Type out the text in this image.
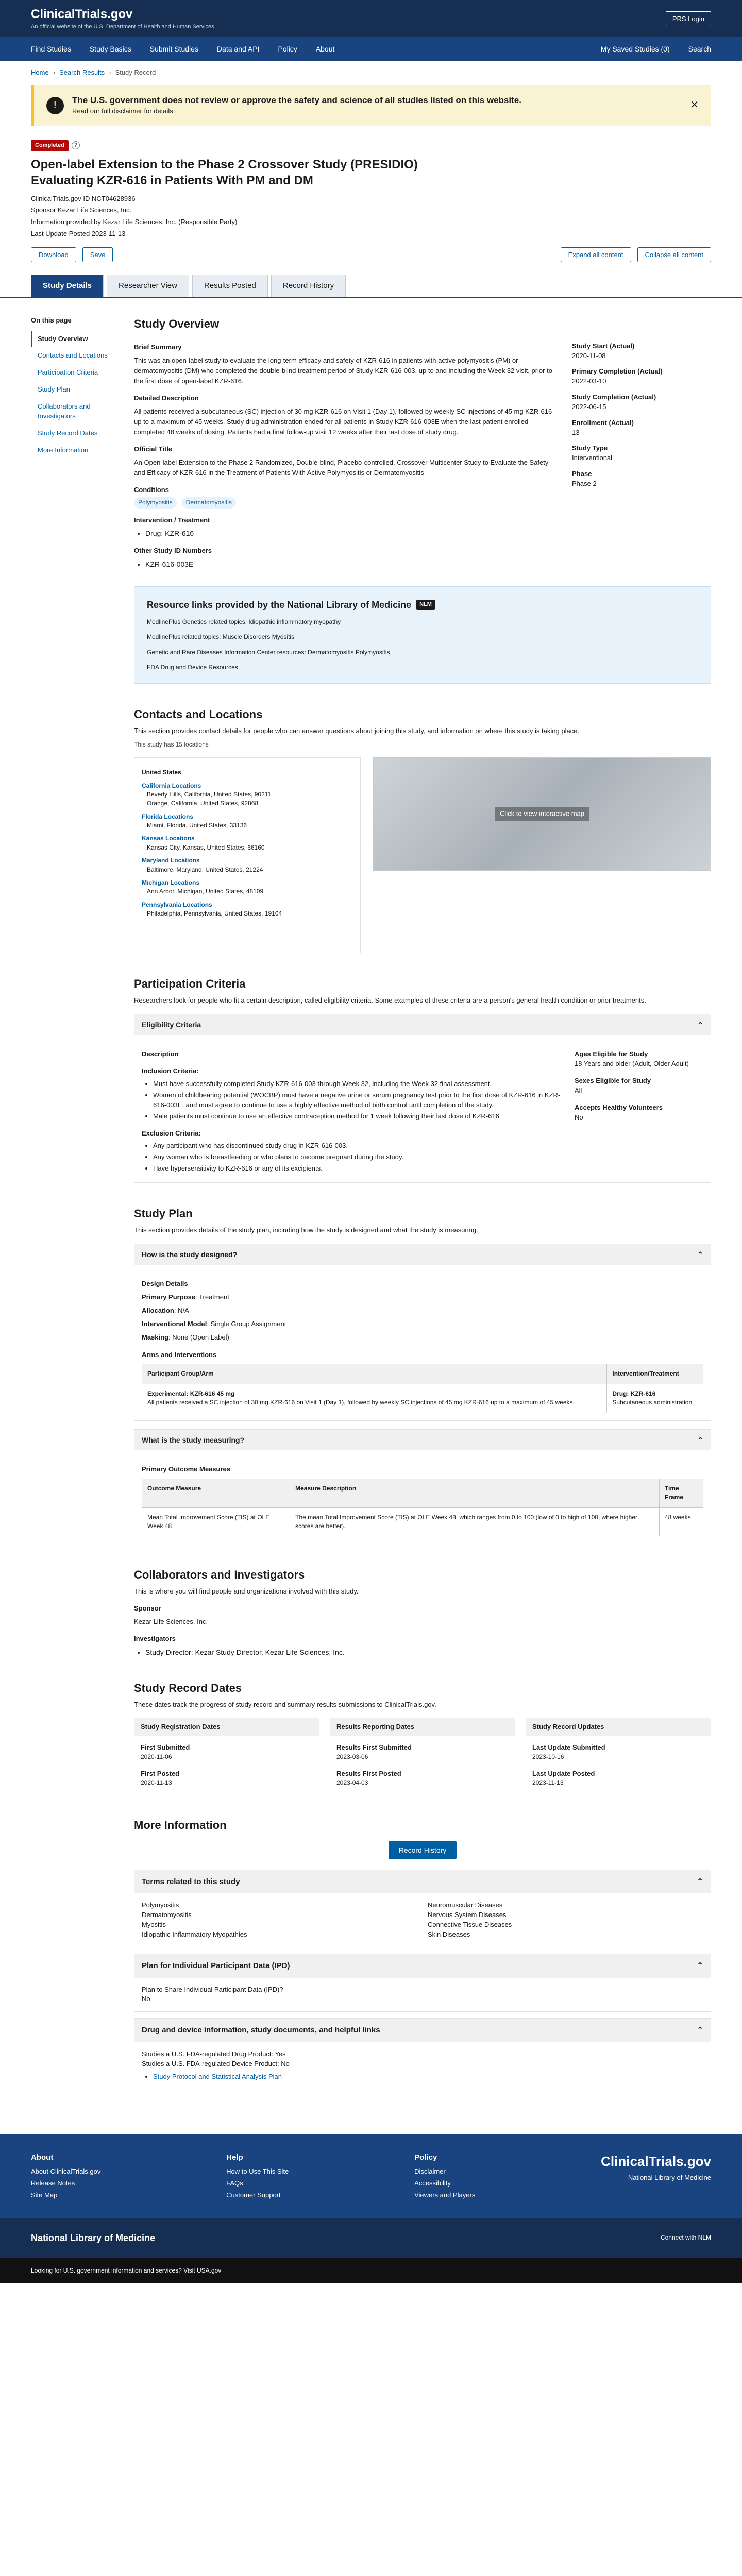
ClinicalTrials.gov
An official website of the U.S. Department of Health and Human Services
PRS Login
Find Studies	Study Basics	Submit Studies	Data and API	Policy	About	My Saved Studies (0)	Search
Home › Search Results › Study Record
!	The U.S. government does not review or approve the safety and science of all studies listed on this website.
Read our full disclaimer for details.
✕
Completed ?
Open-label Extension to the Phase 2 Crossover Study (PRESIDIO) Evaluating KZR-616 in Patients With PM and DM
ClinicalTrials.gov ID NCT04628936
Sponsor Kezar Life Sciences, Inc.
Information provided by Kezar Life Sciences, Inc. (Responsible Party)
Last Update Posted 2023-11-13
Download	Save	Expand all content	Collapse all content
Study Details	Researcher View	Results Posted	Record History
On this page
Study Overview
Contacts and Locations
Participation Criteria
Study Plan
Collaborators and Investigators
Study Record Dates
More Information
Study Overview
Brief Summary
This was an open-label study to evaluate the long-term efficacy and safety of KZR-616 in patients with active polymyositis (PM) or dermatomyositis (DM) who completed the double-blind treatment period of Study KZR-616-003, up to and including the Week 32 visit, prior to the first dose of open-label KZR-616.
Detailed Description
All patients received a subcutaneous (SC) injection of 30 mg KZR-616 on Visit 1 (Day 1), followed by weekly SC injections of 45 mg KZR-616 up to a maximum of 45 weeks. Study drug administration ended for all patients in Study KZR-616-003E when the last patient enrolled completed 48 weeks of dosing. Patients had a final follow-up visit 12 weeks after their last dose of study drug.
Official Title
An Open-label Extension to the Phase 2 Randomized, Double-blind, Placebo-controlled, Crossover Multicenter Study to Evaluate the Safety and Efficacy of KZR-616 in the Treatment of Patients With Active Polymyositis or Dermatomyositis
Conditions
Polymyositis Dermatomyositis
Intervention / Treatment
• Drug: KZR-616
Other Study ID Numbers
• KZR-616-003E
Study Start (Actual)
2020-11-08
Primary Completion (Actual)
2022-03-10
Study Completion (Actual)
2022-06-15
Enrollment (Actual)
13
Study Type
Interventional
Phase
Phase 2
Resource links provided by the National Library of Medicine	NLM
MedlinePlus Genetics related topics: Idiopathic inflammatory myopathy
MedlinePlus related topics: Muscle Disorders Myositis
Genetic and Rare Diseases Information Center resources: Dermatomyositis Polymyositis
FDA Drug and Device Resources
Contacts and Locations
This section provides contact details for people who can answer questions about joining this study, and information on where this study is taking place.
This study has 15 locations
United States
California Locations
Beverly Hills, California, United States, 90211
Orange, California, United States, 92868
Florida Locations
Miami, Florida, United States, 33136
Kansas Locations
Kansas City, Kansas, United States, 66160
Maryland Locations
Baltimore, Maryland, United States, 21224
Michigan Locations
Ann Arbor, Michigan, United States, 48109
Pennsylvania Locations
Philadelphia, Pennsylvania, United States, 19104
Click to view interactive map
Participation Criteria
Researchers look for people who fit a certain description, called eligibility criteria. Some examples of these criteria are a person's general health condition or prior treatments.
Eligibility Criteria	⌃
Description
Inclusion Criteria:
• Must have successfully completed Study KZR-616-003 through Week 32, including the Week 32 final assessment.
• Women of childbearing potential (WOCBP) must have a negative urine or serum pregnancy test prior to the first dose of KZR-616 in KZR-616-003E, and must agree to continue to use a highly effective method of birth control until completion of the study.
• Male patients must continue to use an effective contraception method for 1 week following their last dose of KZR-616.
Exclusion Criteria:
• Any participant who has discontinued study drug in KZR-616-003.
• Any woman who is breastfeeding or who plans to become pregnant during the study.
• Have hypersensitivity to KZR-616 or any of its excipients.
Ages Eligible for Study
18 Years and older (Adult, Older Adult)
Sexes Eligible for Study
All
Accepts Healthy Volunteers
No
Study Plan
This section provides details of the study plan, including how the study is designed and what the study is measuring.
How is the study designed?	⌃
Design Details
Primary Purpose: Treatment
Allocation: N/A
Interventional Model: Single Group Assignment
Masking: None (Open Label)
Arms and Interventions
Participant Group/Arm	Intervention/Treatment
Experimental: KZR-616 45 mg
All patients received a SC injection of 30 mg KZR-616 on Visit 1 (Day 1), followed by weekly SC injections of 45 mg KZR-616 up to a maximum of 45 weeks.	Drug: KZR-616
Subcutaneous administration
What is the study measuring?	⌃
Primary Outcome Measures
Outcome Measure	Measure Description	Time Frame
Mean Total Improvement Score (TIS) at OLE Week 48	The mean Total Improvement Score (TIS) at OLE Week 48, which ranges from 0 to 100 (low of 0 to high of 100, where higher scores are better).	48 weeks
Collaborators and Investigators
This is where you will find people and organizations involved with this study.
Sponsor
Kezar Life Sciences, Inc.
Investigators
• Study Director: Kezar Study Director, Kezar Life Sciences, Inc.
Study Record Dates
These dates track the progress of study record and summary results submissions to ClinicalTrials.gov.
Study Registration Dates
First Submitted
2020-11-06
First Posted
2020-11-13
Results Reporting Dates
Results First Submitted
2023-03-06
Results First Posted
2023-04-03
Study Record Updates
Last Update Submitted
2023-10-16
Last Update Posted
2023-11-13
More Information
Record History
Terms related to this study	⌃
Polymyositis
Dermatomyositis
Myositis
Idiopathic Inflammatory Myopathies
Neuromuscular Diseases
Nervous System Diseases
Connective Tissue Diseases
Skin Diseases
Plan for Individual Participant Data (IPD)	⌃
Plan to Share Individual Participant Data (IPD)?
No
Drug and device information, study documents, and helpful links	⌃
Studies a U.S. FDA-regulated Drug Product: Yes
Studies a U.S. FDA-regulated Device Product: No
• Study Protocol and Statistical Analysis Plan
About
About ClinicalTrials.gov
Release Notes
Site Map
Help
How to Use This Site
FAQs
Customer Support
Policy
Disclaimer
Accessibility
Viewers and Players
ClinicalTrials.gov
National Library of Medicine
National Library of Medicine	Connect with NLM
Looking for U.S. government information and services? Visit USA.gov
